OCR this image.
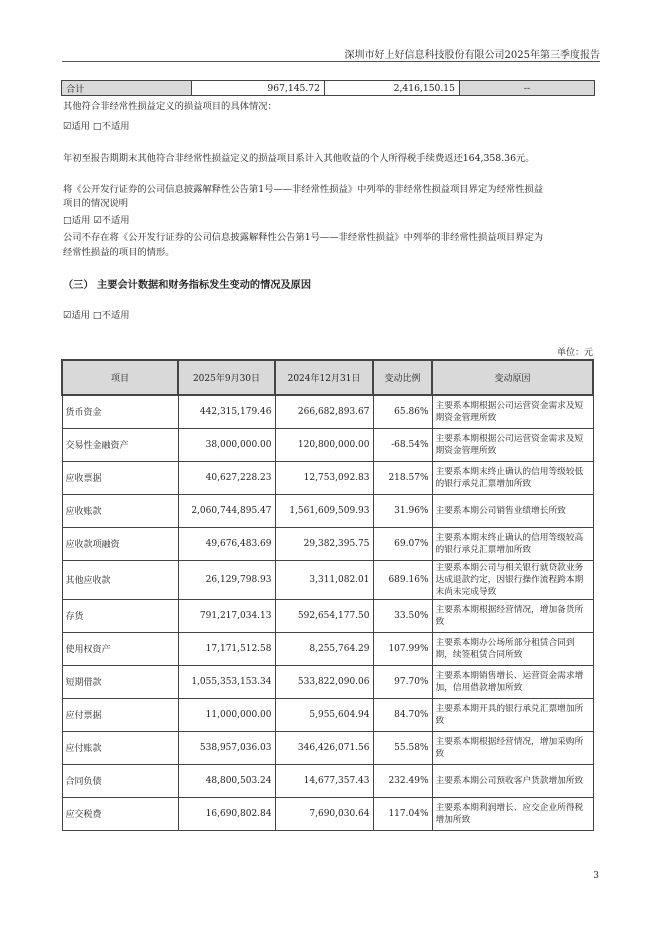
深圳市好上好信息科技股份有限公司2025年第三季度报告
合计	967,145.72	2,416,150.15	--
其他符合非经常性损益定义的损益项目的具体情况：
☑适用 □不适用
年初至报告期期末其他符合非经常性损益定义的损益项目系计入其他收益的个人所得税手续费返还164,358.36元。
将《公开发行证券的公司信息披露解释性公告第1号——非经常性损益》中列举的非经常性损益项目界定为经常性损益
项目的情况说明
□适用 ☑不适用
公司不存在将《公开发行证券的公司信息披露解释性公告第1号——非经常性损益》中列举的非经常性损益项目界定为
经常性损益的项目的情形。
（三） 主要会计数据和财务指标发生变动的情况及原因
☑适用 □不适用
单位：元
项目	2025年9月30日	2024年12月31日	变动比例	变动原因
货币资金	442,315,179.46	266,682,893.67	65.86%	主要系本期根据公司运营资金需求及短期资金管理所致
交易性金融资产	38,000,000.00	120,800,000.00	-68.54%	主要系本期根据公司运营资金需求及短期资金管理所致
应收票据	40,627,228.23	12,753,092.83	218.57%	主要系本期末终止确认的信用等级较低的银行承兑汇票增加所致
应收账款	2,060,744,895.47	1,561,609,509.93	31.96%	主要系本期公司销售业绩增长所致
应收款项融资	49,676,483.69	29,382,395.75	69.07%	主要系本期末终止确认的信用等级较高的银行承兑汇票增加所致
其他应收款	26,129,798.93	3,311,082.01	689.16%	主要系本期公司与相关银行就贷款业务达成退款约定，因银行操作流程跨本期末尚未完成导致
存货	791,217,034.13	592,654,177.50	33.50%	主要系本期根据经营情况，增加备货所致
使用权资产	17,171,512.58	8,255,764.29	107.99%	主要系本期办公场所部分租赁合同到期，续签租赁合同所致
短期借款	1,055,353,153.34	533,822,090.06	97.70%	主要系本期销售增长、运营资金需求增加，信用借款增加所致
应付票据	11,000,000.00	5,955,604.94	84.70%	主要系本期开具的银行承兑汇票增加所致
应付账款	538,957,036.03	346,426,071.56	55.58%	主要系本期根据经营情况，增加采购所致
合同负债	48,800,503.24	14,677,357.43	232.49%	主要系本期公司预收客户货款增加所致
应交税费	16,690,802.84	7,690,030.64	117.04%	主要系本期利润增长、应交企业所得税增加所致
3
